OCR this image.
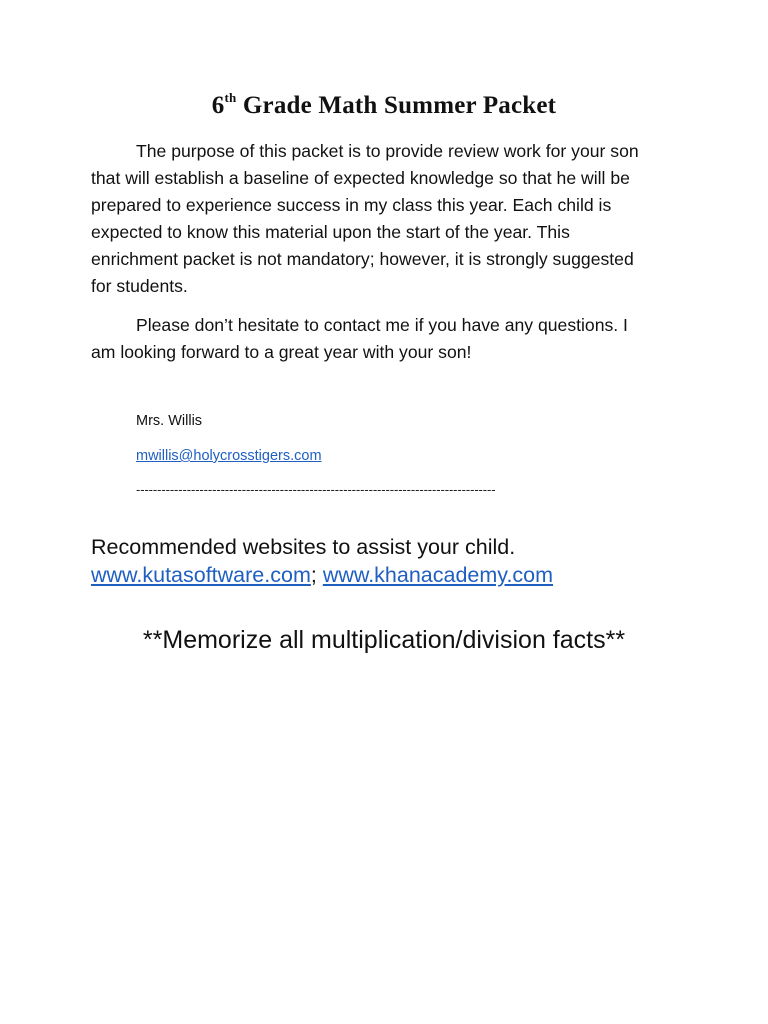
6th Grade Math Summer Packet
The purpose of this packet is to provide review work for your son
that will establish a baseline of expected knowledge so that he will be
prepared to experience success in my class this year. Each child is
expected to know this material upon the start of the year. This
enrichment packet is not mandatory; however, it is strongly suggested
for students.
Please don’t hesitate to contact me if you have any questions. I
am looking forward to a great year with your son!
Mrs. Willis
mwillis@holycrosstigers.com
-------------------------------------------------------------------------------------
Recommended websites to assist your child.
www.kutasoftware.com; www.khanacademy.com
**Memorize all multiplication/division facts**
